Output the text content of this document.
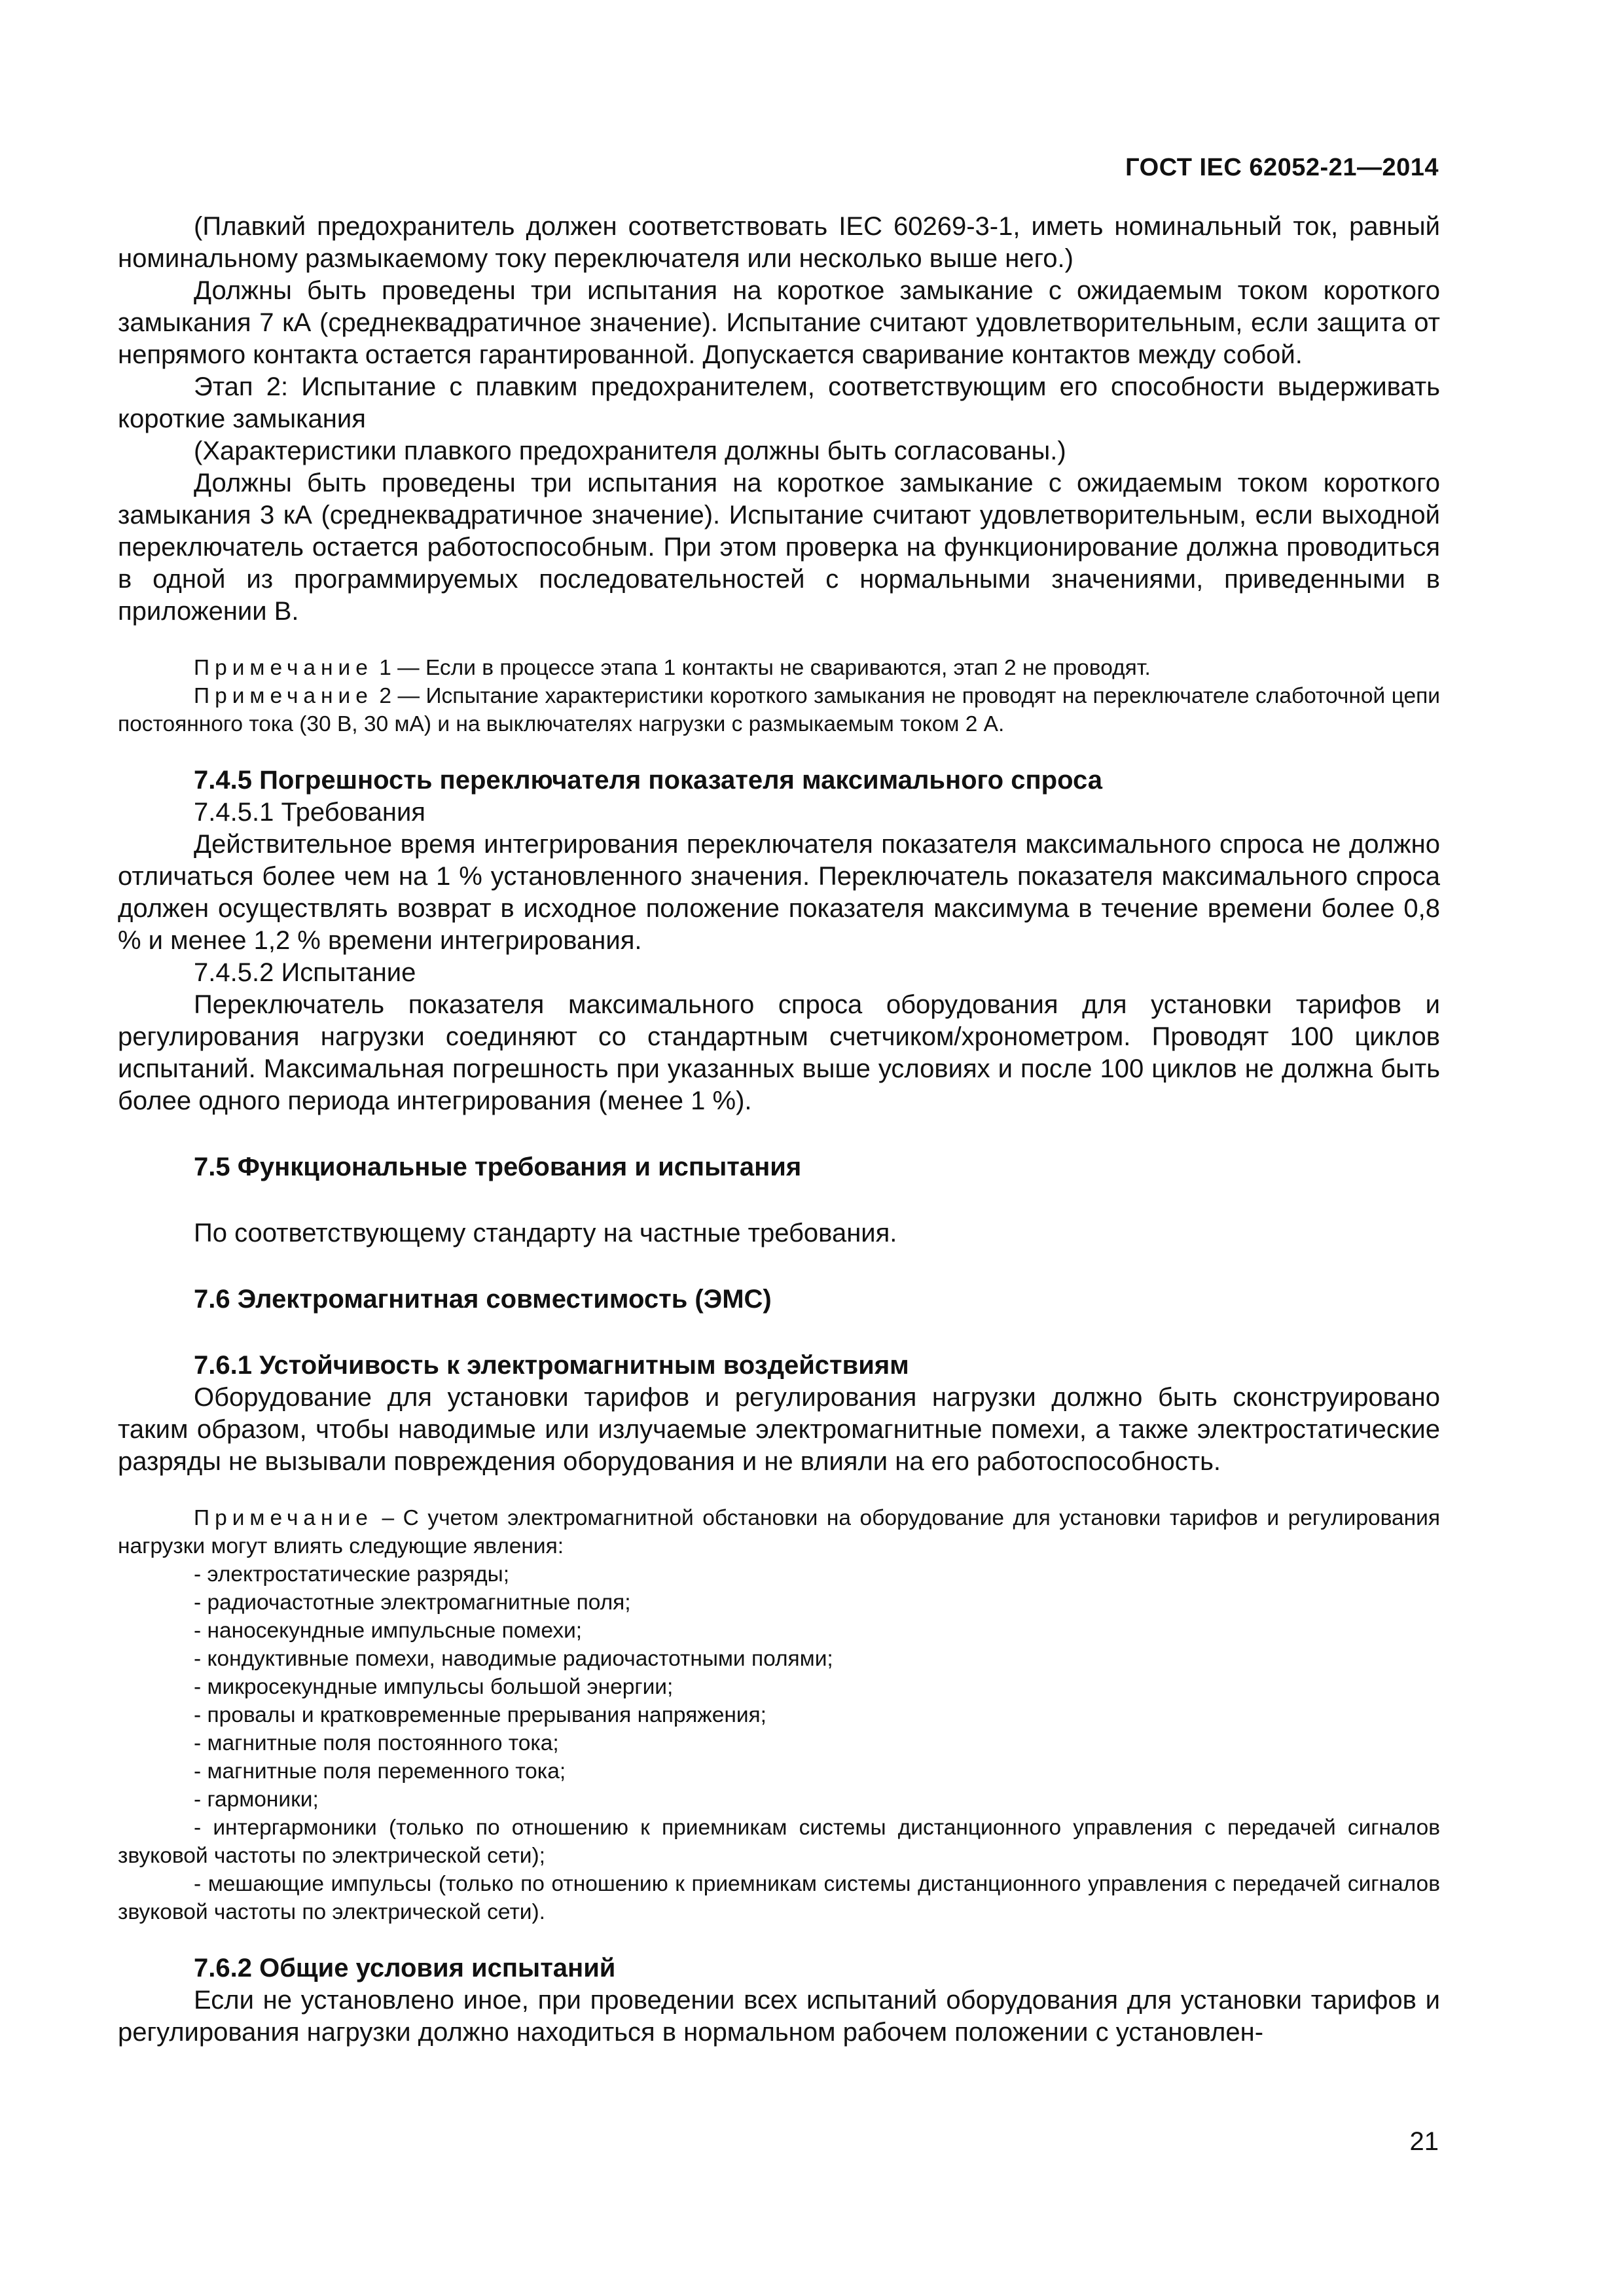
ГОСТ IEC 62052-21—2014

(Плавкий предохранитель должен соответствовать IEC 60269-3-1, иметь номинальный ток, равный номинальному размыкаемому току переключателя или несколько выше него.)

Должны быть проведены три испытания на короткое замыкание с ожидаемым током короткого замыкания 7 кА (среднеквадратичное значение). Испытание считают удовлетворительным, если защита от непрямого контакта остается гарантированной. Допускается сваривание контактов между собой.

Этап 2: Испытание с плавким предохранителем, соответствующим его способности выдерживать короткие замыкания

(Характеристики плавкого предохранителя должны быть согласованы.)

Должны быть проведены три испытания на короткое замыкание с ожидаемым током короткого замыкания 3 кА (среднеквадратичное значение). Испытание считают удовлетворительным, если выходной переключатель остается работоспособным. При этом проверка на функционирование должна проводиться в одной из программируемых последовательностей с нормальными значениями, приведенными в приложении В.

Примечание 1 — Если в процессе этапа 1 контакты не свариваются, этап 2 не проводят.

Примечание 2 — Испытание характеристики короткого замыкания не проводят на переключателе слаботочной цепи постоянного тока (30 В, 30 мА) и на выключателях нагрузки с размыкаемым током 2 А.

7.4.5 Погрешность переключателя показателя максимального спроса

7.4.5.1 Требования

Действительное время интегрирования переключателя показателя максимального спроса не должно отличаться более чем на 1 % установленного значения. Переключатель показателя максимального спроса должен осуществлять возврат в исходное положение показателя максимума в течение времени более 0,8 % и менее 1,2 % времени интегрирования.

7.4.5.2 Испытание

Переключатель показателя максимального спроса оборудования для установки тарифов и регулирования нагрузки соединяют со стандартным счетчиком/хронометром. Проводят 100 циклов испытаний. Максимальная погрешность при указанных выше условиях и после 100 циклов не должна быть более одного периода интегрирования (менее 1 %).

7.5 Функциональные требования и испытания

По соответствующему стандарту на частные требования.

7.6 Электромагнитная совместимость (ЭМС)

7.6.1 Устойчивость к электромагнитным воздействиям

Оборудование для установки тарифов и регулирования нагрузки должно быть сконструировано таким образом, чтобы наводимые или излучаемые электромагнитные помехи, а также электростатические разряды не вызывали повреждения оборудования и не влияли на его работоспособность.

Примечание – С учетом электромагнитной обстановки на оборудование для установки тарифов и регулирования нагрузки могут влиять следующие явления:

- электростатические разряды;

- радиочастотные электромагнитные поля;

- наносекундные импульсные помехи;

- кондуктивные помехи, наводимые радиочастотными полями;

- микросекундные импульсы большой энергии;

- провалы и кратковременные прерывания напряжения;

- магнитные поля постоянного тока;

- магнитные поля переменного тока;

- гармоники;

- интергармоники (только по отношению к приемникам системы дистанционного управления с передачей сигналов звуковой частоты по электрической сети);

- мешающие импульсы (только по отношению к приемникам системы дистанционного управления с передачей сигналов звуковой частоты по электрической сети).

7.6.2 Общие условия испытаний

Если не установлено иное, при проведении всех испытаний оборудования для установки тарифов и регулирования нагрузки должно находиться в нормальном рабочем положении с установлен-

21
